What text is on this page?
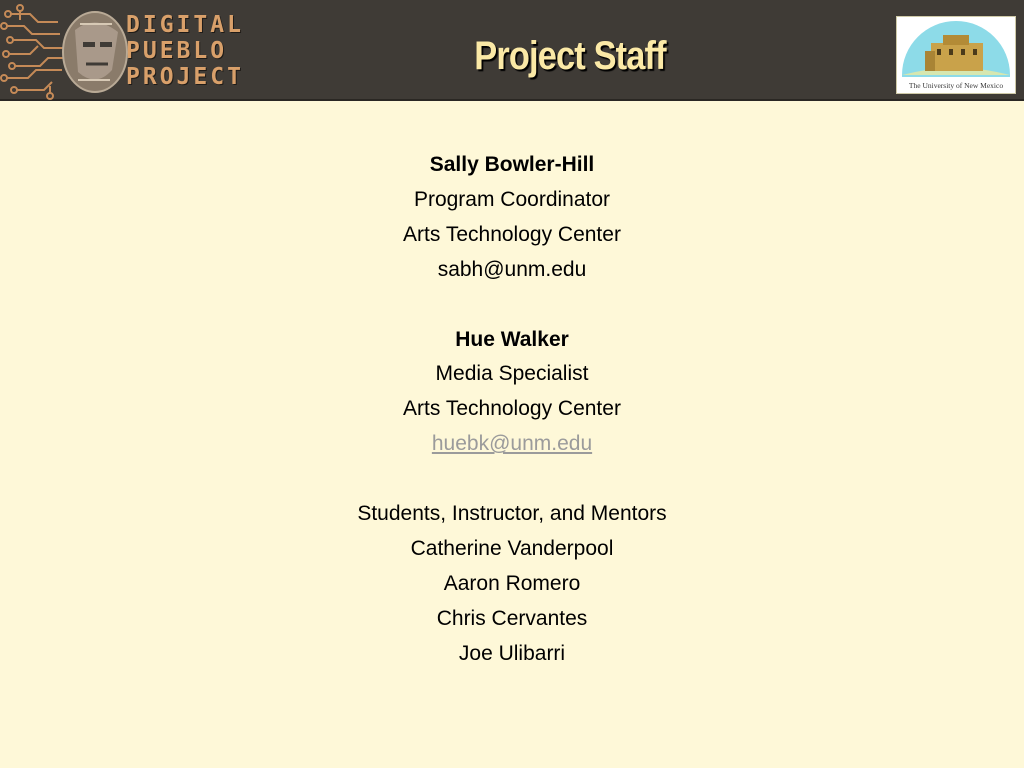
DIGITAL
PUEBLO
PROJECT	Project Staff
The University of New Mexico
Sally Bowler-Hill
Program Coordinator
Arts Technology Center
sabh@unm.edu
Hue Walker
Media Specialist
Arts Technology Center
huebk@unm.edu
Students, Instructor, and Mentors
Catherine Vanderpool
Aaron Romero
Chris Cervantes
Joe Ulibarri
